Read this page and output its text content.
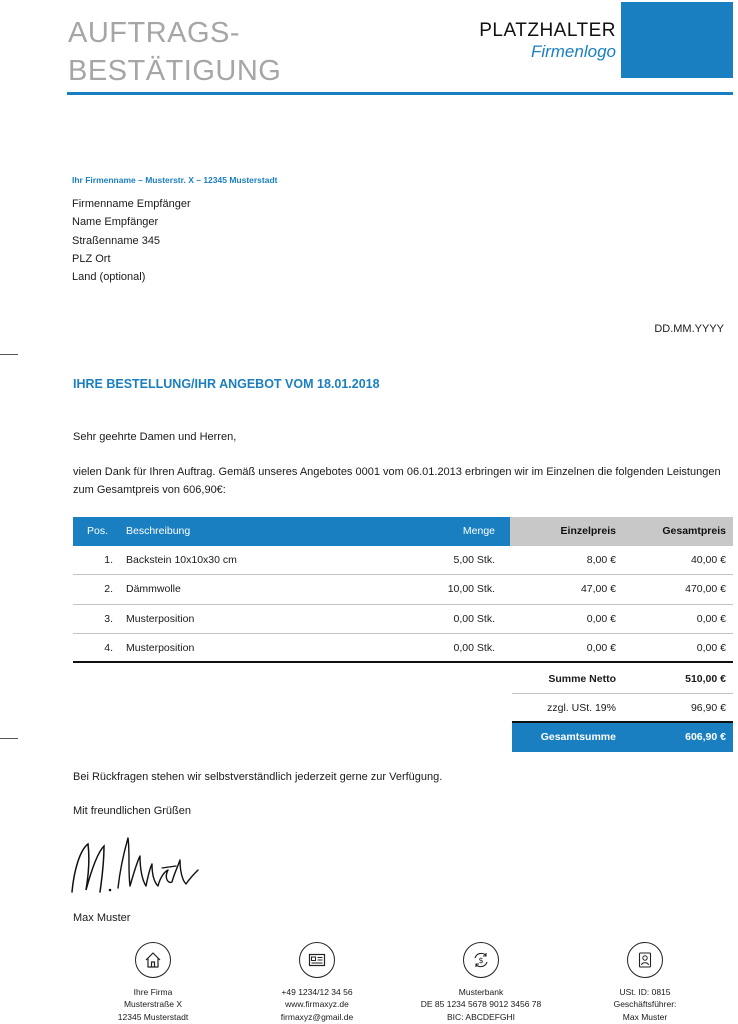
AUFTRAGS-
BESTÄTIGUNG
PLATZHALTER
Firmenlogo
Ihr Firmenname – Musterstr. X – 12345 Musterstadt
Firmenname Empfänger
Name Empfänger
Straßenname 345
PLZ Ort
Land (optional)
DD.MM.YYYY
IHRE BESTELLUNG/IHR ANGEBOT VOM 18.01.2018
Sehr geehrte Damen und Herren,
vielen Dank für Ihren Auftrag. Gemäß unseres Angebotes 0001 vom 06.01.2013 erbringen wir im Einzelnen die folgenden Leistungen zum Gesamtpreis von 606,90€:
Pos. Beschreibung	Menge	Einzelpreis	Gesamtpreis
1. Backstein 10x10x30 cm	5,00 Stk.	8,00 €	40,00 €
2. Dämmwolle	10,00 Stk.	47,00 €	470,00 €
3. Musterposition	0,00 Stk.	0,00 €	0,00 €
4. Musterposition	0,00 Stk.	0,00 €	0,00 €
Summe Netto	510,00 €
zzgl. USt. 19%	96,90 €
Gesamtsumme	606,90 €
Bei Rückfragen stehen wir selbstverständlich jederzeit gerne zur Verfügung.
Mit freundlichen Grüßen
Max Muster
Ihre Firma
Musterstraße X
12345 Musterstadt
+49 1234/12 34 56
www.firmaxyz.de
firmaxyz@gmail.de
$
Musterbank
DE 85 1234 5678 9012 3456 78
BIC: ABCDEFGHI
USt. ID: 0815
Geschäftsführer:
Max Muster
